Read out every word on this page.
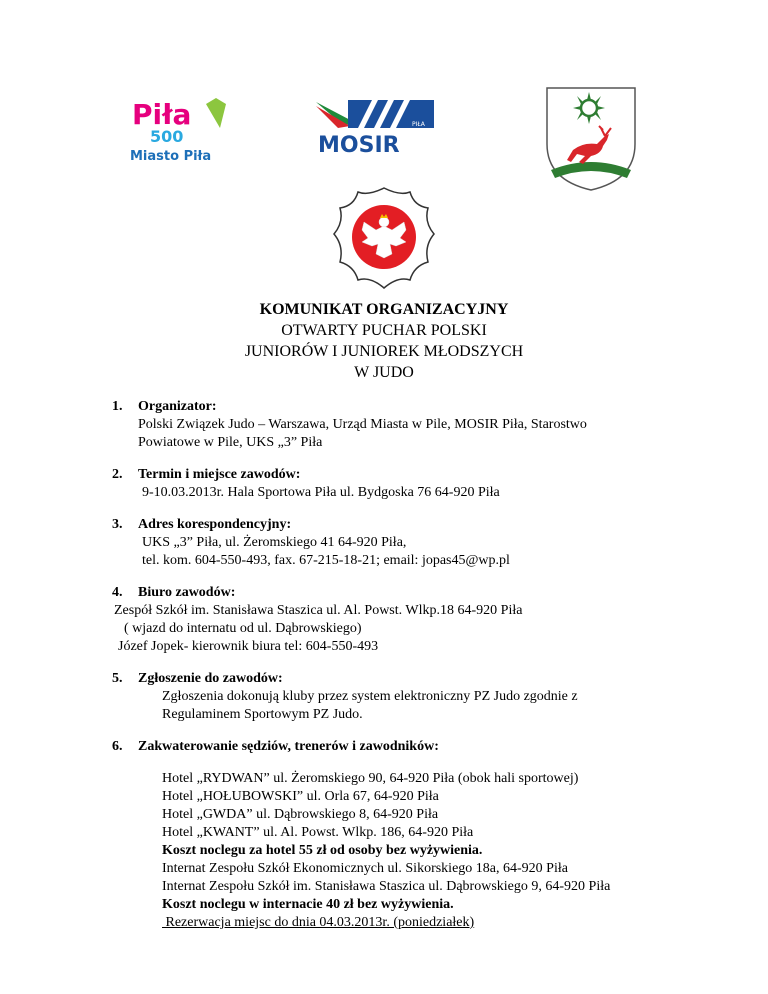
Piła
500
Miasto Piła
PIŁA
MOSIR
KOMUNIKAT ORGANIZACYJNY
OTWARTY PUCHAR POLSKI
JUNIORÓW I JUNIOREK MŁODSZYCH
W JUDO
1. Organizator:
Polski Związek Judo – Warszawa, Urząd Miasta w Pile, MOSIR Piła, Starostwo
Powiatowe w Pile, UKS „3” Piła
2. Termin i miejsce zawodów:
9-10.03.2013r. Hala Sportowa Piła ul. Bydgoska 76 64-920 Piła
3. Adres korespondencyjny:
UKS „3” Piła, ul. Żeromskiego 41 64-920 Piła,
tel. kom. 604-550-493, fax. 67-215-18-21; email: jopas45@wp.pl
4. Biuro zawodów:
Zespół Szkół im. Stanisława Staszica ul. Al. Powst. Wlkp.18 64-920 Piła
( wjazd do internatu od ul. Dąbrowskiego)
Józef Jopek- kierownik biura tel: 604-550-493
5. Zgłoszenie do zawodów:
Zgłoszenia dokonują kluby przez system elektroniczny PZ Judo zgodnie z
Regulaminem Sportowym PZ Judo.
6. Zakwaterowanie sędziów, trenerów i zawodników:
Hotel „RYDWAN” ul. Żeromskiego 90, 64-920 Piła (obok hali sportowej)
Hotel „HOŁUBOWSKI” ul. Orla 67, 64-920 Piła
Hotel „GWDA” ul. Dąbrowskiego 8, 64-920 Piła
Hotel „KWANT” ul. Al. Powst. Wlkp. 186, 64-920 Piła
Koszt noclegu za hotel 55 zł od osoby bez wyżywienia.
Internat Zespołu Szkół Ekonomicznych ul. Sikorskiego 18a, 64-920 Piła
Internat Zespołu Szkół im. Stanisława Staszica ul. Dąbrowskiego 9, 64-920 Piła
Koszt noclegu w internacie 40 zł bez wyżywienia.
Rezerwacja miejsc do dnia 04.03.2013r. (poniedziałek)
